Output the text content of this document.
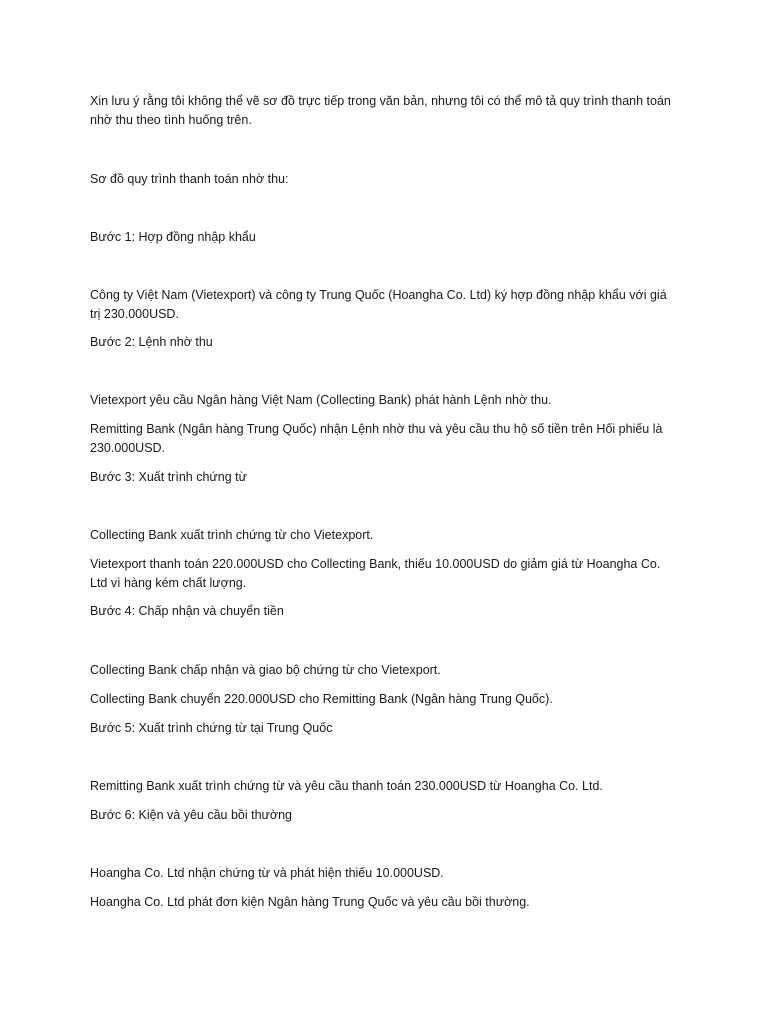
Xin lưu ý rằng tôi không thể vẽ sơ đồ trực tiếp trong văn bản, nhưng tôi có thể mô tả quy trình thanh toán nhờ thu theo tình huống trên.

Sơ đồ quy trình thanh toán nhờ thu:

Bước 1: Hợp đồng nhập khẩu

Công ty Việt Nam (Vietexport) và công ty Trung Quốc (Hoangha Co. Ltd) ký hợp đồng nhập khẩu với giá trị 230.000USD.

Bước 2: Lệnh nhờ thu

Vietexport yêu cầu Ngân hàng Việt Nam (Collecting Bank) phát hành Lệnh nhờ thu.

Remitting Bank (Ngân hàng Trung Quốc) nhận Lệnh nhờ thu và yêu cầu thu hộ số tiền trên Hối phiếu là 230.000USD.

Bước 3: Xuất trình chứng từ

Collecting Bank xuất trình chứng từ cho Vietexport.

Vietexport thanh toán 220.000USD cho Collecting Bank, thiếu 10.000USD do giảm giá từ Hoangha Co. Ltd vì hàng kém chất lượng.

Bước 4: Chấp nhận và chuyển tiền

Collecting Bank chấp nhận và giao bộ chứng từ cho Vietexport.

Collecting Bank chuyển 220.000USD cho Remitting Bank (Ngân hàng Trung Quốc).

Bước 5: Xuất trình chứng từ tại Trung Quốc

Remitting Bank xuất trình chứng từ và yêu cầu thanh toán 230.000USD từ Hoangha Co. Ltd.

Bước 6: Kiện và yêu cầu bồi thường

Hoangha Co. Ltd nhận chứng từ và phát hiện thiếu 10.000USD.

Hoangha Co. Ltd phát đơn kiện Ngân hàng Trung Quốc và yêu cầu bồi thường.
